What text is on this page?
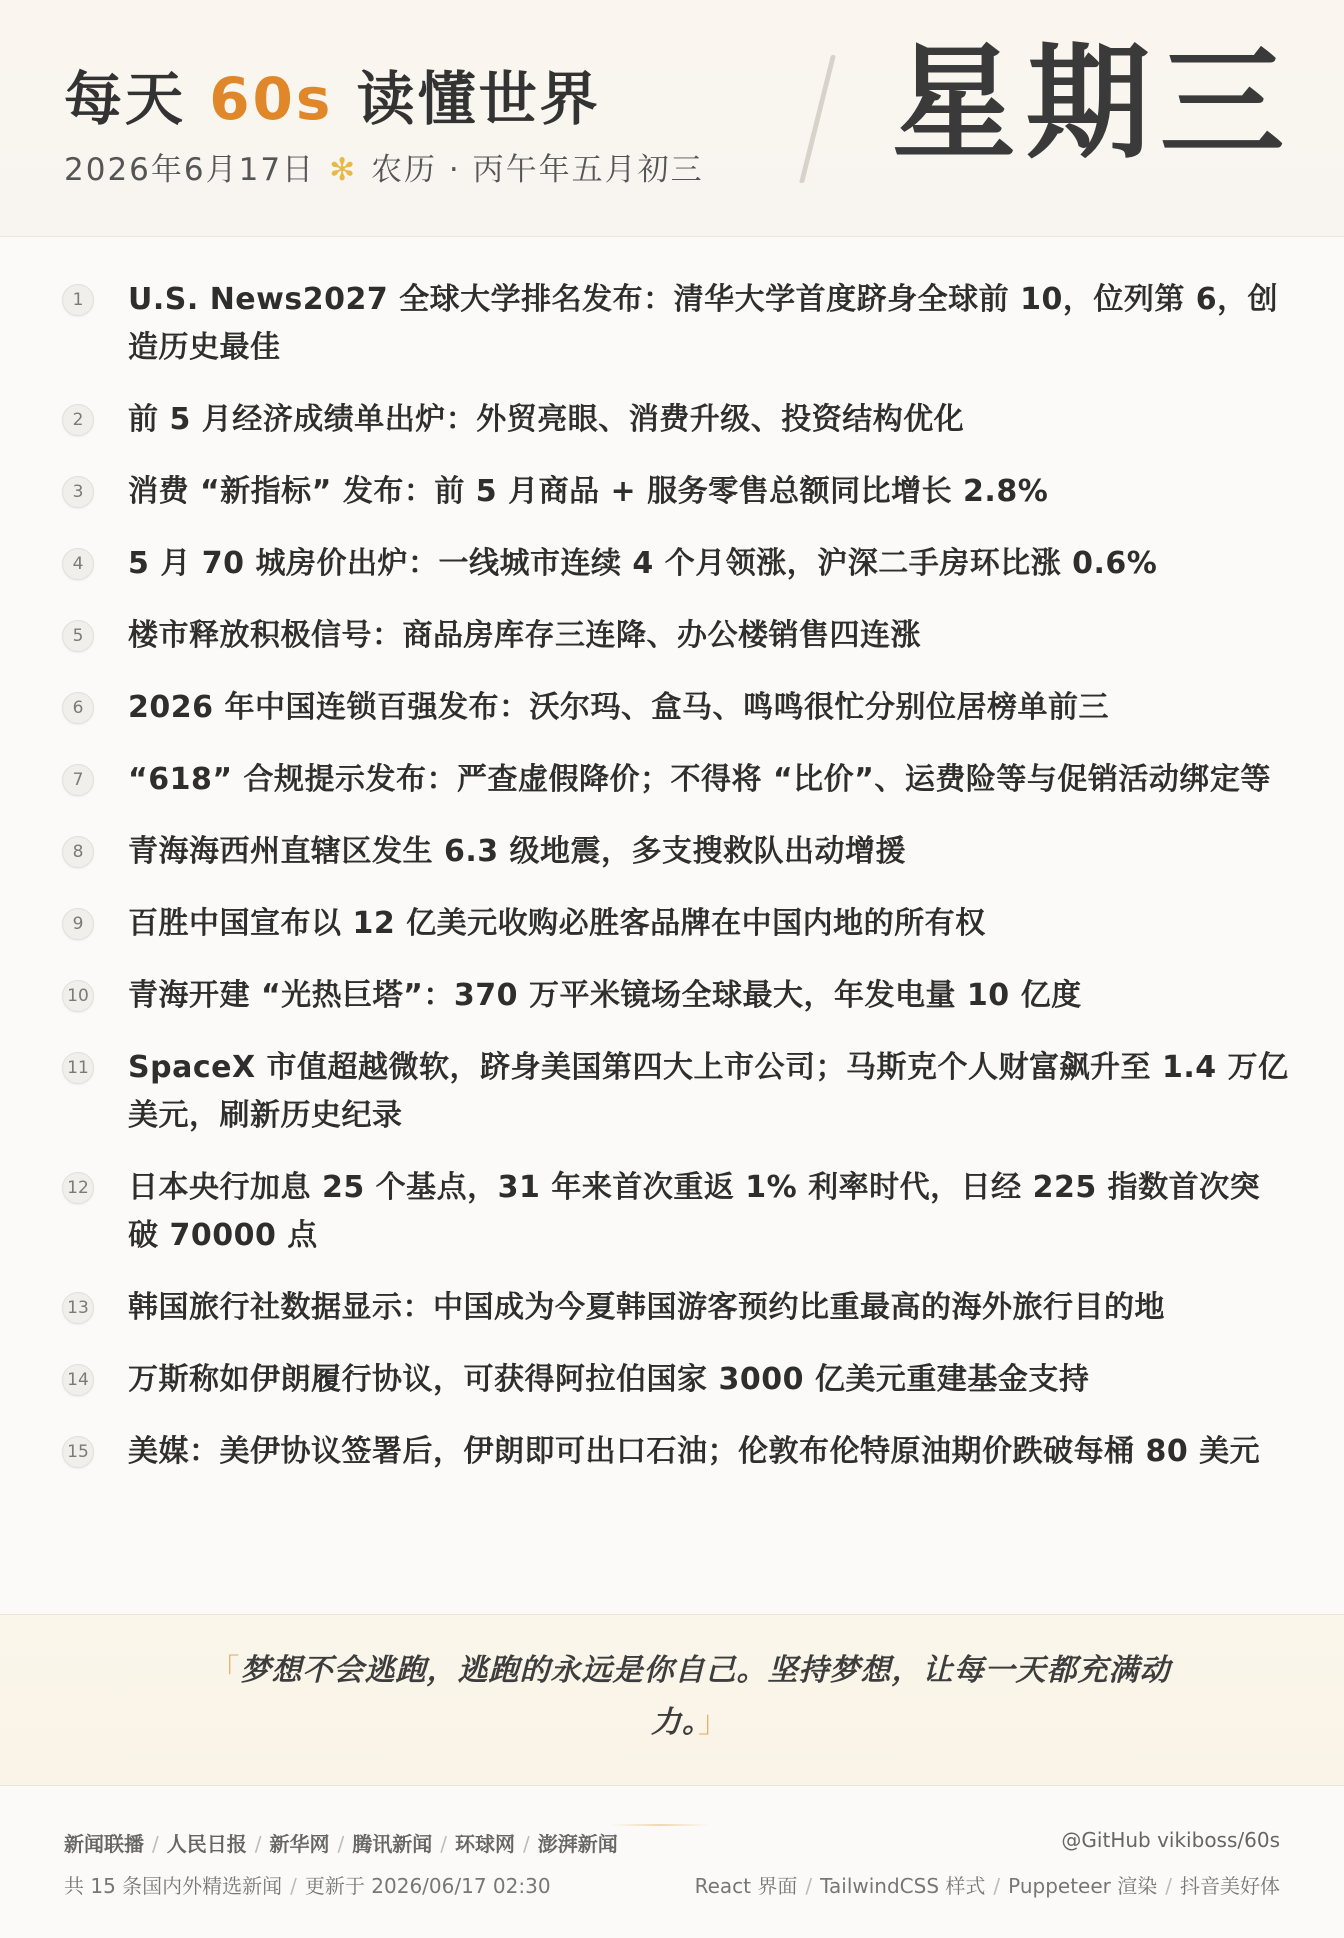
每天 60s 读懂世界
2026年6月17日 ✻ 农历 · 丙午年五月初三 星期三
1	U.S. News2027 全球大学排名发布：清华大学首度跻身全球前 10，位列第 6，创造历史最佳
2	前 5 月经济成绩单出炉：外贸亮眼、消费升级、投资结构优化
3	消费 “新指标” 发布：前 5 月商品 + 服务零售总额同比增长 2.8%
4	5 月 70 城房价出炉：一线城市连续 4 个月领涨，沪深二手房环比涨 0.6%
5	楼市释放积极信号：商品房库存三连降、办公楼销售四连涨
6	2026 年中国连锁百强发布：沃尔玛、盒马、鸣鸣很忙分别位居榜单前三
7	“618” 合规提示发布：严查虚假降价；不得将 “比价”、运费险等与促销活动绑定等
8	青海海西州直辖区发生 6.3 级地震，多支搜救队出动增援
9	百胜中国宣布以 12 亿美元收购必胜客品牌在中国内地的所有权
10 青海开建 “光热巨塔”：370 万平米镜场全球最大，年发电量 10 亿度
11 SpaceX 市值超越微软，跻身美国第四大上市公司；马斯克个人财富飙升至 1.4 万亿美元，刷新历史纪录
12 日本央行加息 25 个基点，31 年来首次重返 1% 利率时代，日经 225 指数首次突破 70000 点
13 韩国旅行社数据显示：中国成为今夏韩国游客预约比重最高的海外旅行目的地
14 万斯称如伊朗履行协议，可获得阿拉伯国家 3000 亿美元重建基金支持
15 美媒：美伊协议签署后，伊朗即可出口石油；伦敦布伦特原油期价跌破每桶 80 美元
「梦想不会逃跑，逃跑的永远是你自己。坚持梦想，让每一天都充满动力。」
新闻联播 / 人民日报 / 新华网 / 腾讯新闻 / 环球网 / 澎湃新闻	@GitHub vikiboss/60s
共 15 条国内外精选新闻 / 更新于 2026/06/17 02:30	React 界面 / TailwindCSS 样式 / Puppeteer 渲染 / 抖音美好体
